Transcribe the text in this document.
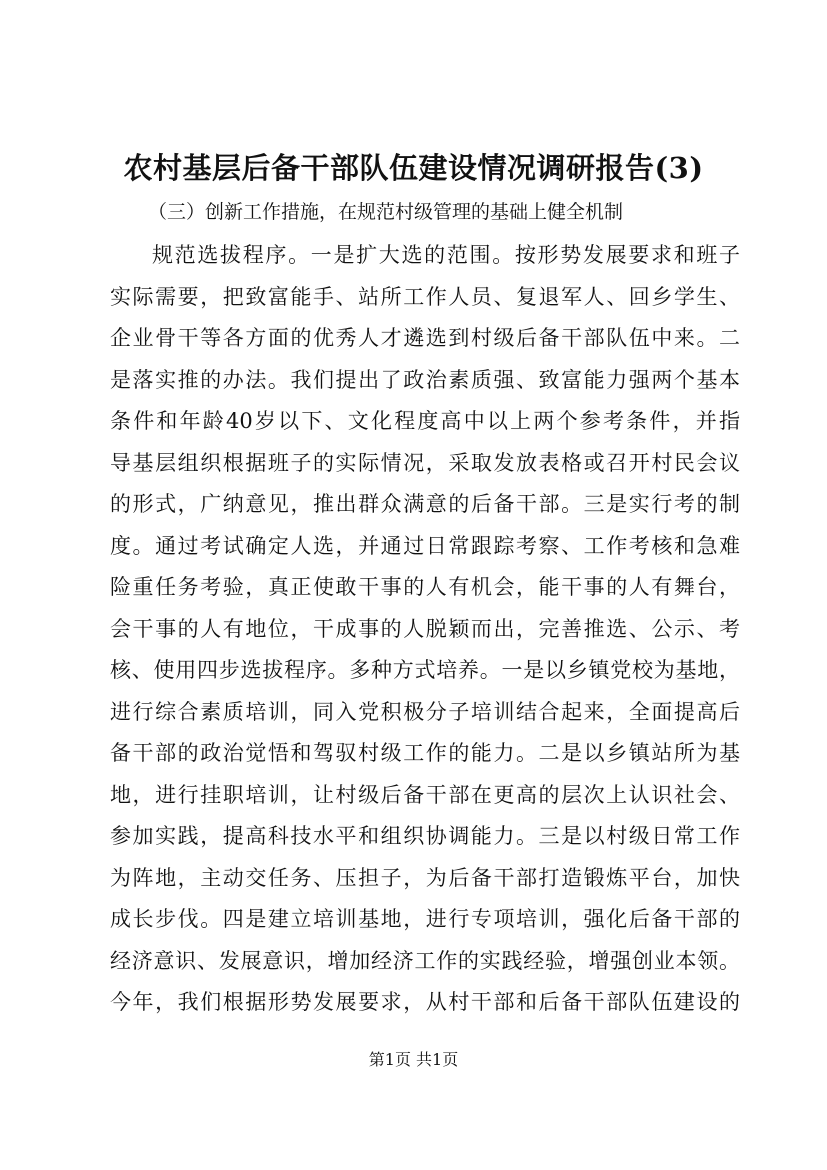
农村基层后备干部队伍建设情况调研报告(3)

（三）创新工作措施，在规范村级管理的基础上健全机制

规范选拔程序。一是扩大选的范围。按形势发展要求和班子
实际需要，把致富能手、站所工作人员、复退军人、回乡学生、
企业骨干等各方面的优秀人才遴选到村级后备干部队伍中来。二
是落实推的办法。我们提出了政治素质强、致富能力强两个基本
条件和年龄40岁以下、文化程度高中以上两个参考条件，并指
导基层组织根据班子的实际情况，采取发放表格或召开村民会议
的形式，广纳意见，推出群众满意的后备干部。三是实行考的制
度。通过考试确定人选，并通过日常跟踪考察、工作考核和急难
险重任务考验，真正使敢干事的人有机会，能干事的人有舞台，
会干事的人有地位，干成事的人脱颖而出，完善推选、公示、考
核、使用四步选拔程序。多种方式培养。一是以乡镇党校为基地，
进行综合素质培训，同入党积极分子培训结合起来，全面提高后
备干部的政治觉悟和驾驭村级工作的能力。二是以乡镇站所为基
地，进行挂职培训，让村级后备干部在更高的层次上认识社会、
参加实践，提高科技水平和组织协调能力。三是以村级日常工作
为阵地，主动交任务、压担子，为后备干部打造锻炼平台，加快
成长步伐。四是建立培训基地，进行专项培训，强化后备干部的
经济意识、发展意识，增加经济工作的实践经验，增强创业本领。
今年，我们根据形势发展要求，从村干部和后备干部队伍建设的

第1页 共1页
